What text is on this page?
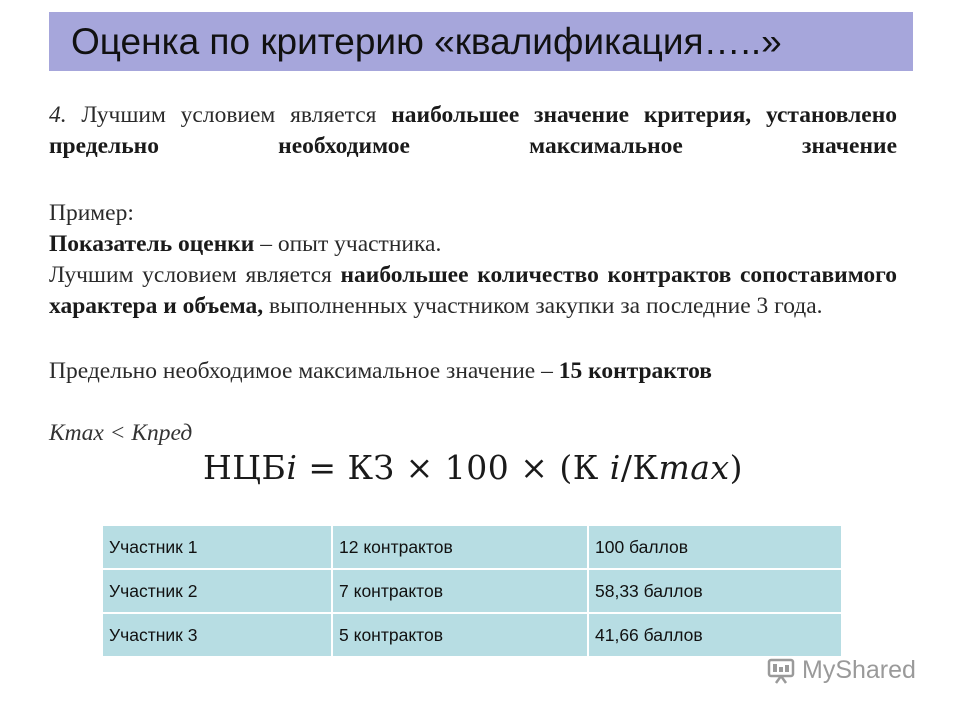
Оценка по критерию «квалификация…..»

4. Лучшим условием является наибольшее значение критерия, установлено предельно необходимое максимальное значение

Пример:

Показатель оценки – опыт участника.

Лучшим условием является наибольшее количество контрактов сопоставимого характера и объема, выполненных участником закупки за последние 3 года.

Предельно необходимое максимальное значение – 15 контрактов

Кmax < Кпред
НЦБi = КЗ × 100 × (К i/Кmax)
Участник 1	12 контрактов	100 баллов
Участник 2	7 контрактов	58,33 баллов
Участник 3	5 контрактов	41,66 баллов
MyShared
